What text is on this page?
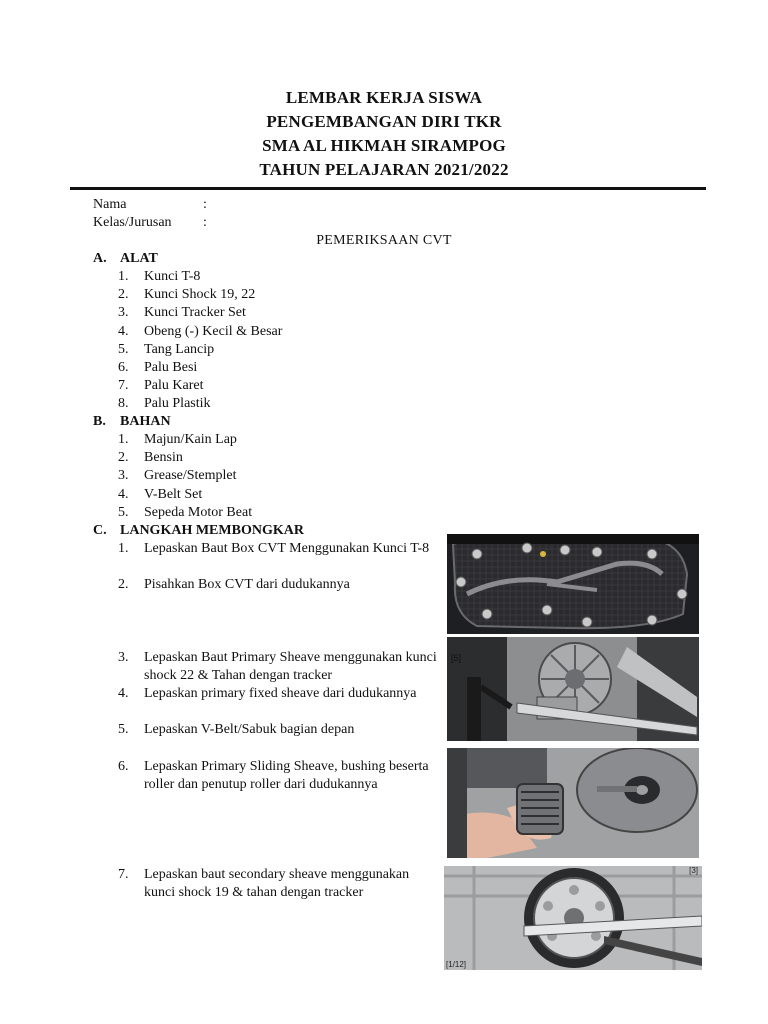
LEMBAR KERJA SISWA
PENGEMBANGAN DIRI TKR
SMA AL HIKMAH SIRAMPOG
TAHUN PELAJARAN 2021/2022
Nama	:
Kelas/Jurusan :
PEMERIKSAAN CVT
A. ALAT
1. Kunci T-8
2. Kunci Shock 19, 22
3. Kunci Tracker Set
4. Obeng (-) Kecil & Besar
5. Tang Lancip
6. Palu Besi
7. Palu Karet
8. Palu Plastik
B. BAHAN
1. Majun/Kain Lap
2. Bensin
3. Grease/Stemplet
4. V-Belt Set
5. Sepeda Motor Beat
C. LANGKAH MEMBONGKAR
1.	Lepaskan Baut Box CVT Menggunakan Kunci T-8
2.	Pisahkan Box CVT dari dudukannya
3.	Lepaskan Baut Primary Sheave menggunakan kunci shock 22 & Tahan dengan tracker
4.	Lepaskan primary fixed sheave dari dudukannya
5.	Lepaskan V-Belt/Sabuk bagian depan
6.	Lepaskan Primary Sliding Sheave, bushing beserta roller dan penutup roller dari dudukannya
7.	Lepaskan baut secondary sheave menggunakan kunci shock 19 & tahan dengan tracker
[5]
[1/12]
[3]
